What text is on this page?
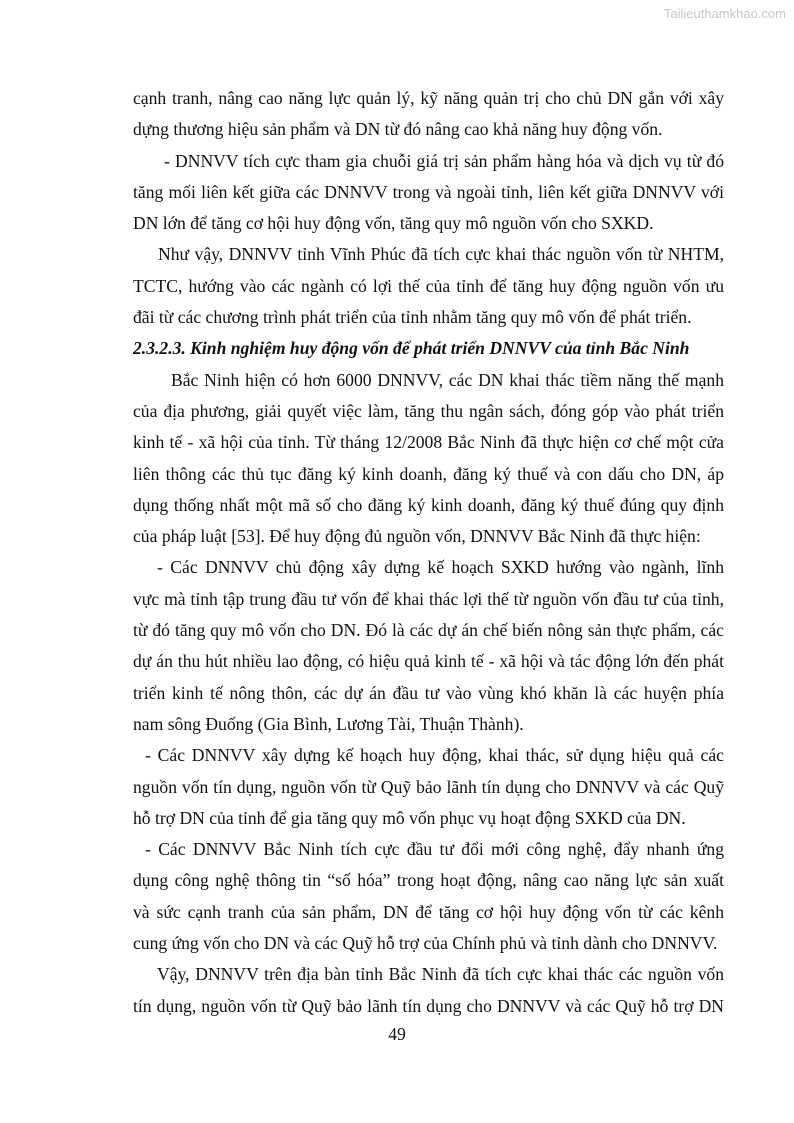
Tailieuthamkhao.com
cạnh tranh, nâng cao năng lực quản lý, kỹ năng quản trị cho chủ DN gắn với xây
dựng thương hiệu sản phẩm và DN từ đó nâng cao khả năng huy động vốn.
- DNNVV tích cực tham gia chuỗi giá trị sản phẩm hàng hóa và dịch vụ từ đó
tăng mối liên kết giữa các DNNVV trong và ngoài tỉnh, liên kết giữa DNNVV với
DN lớn để tăng cơ hội huy động vốn, tăng quy mô nguồn vốn cho SXKD.
Như vậy, DNNVV tỉnh Vĩnh Phúc đã tích cực khai thác nguồn vốn từ NHTM,
TCTC, hướng vào các ngành có lợi thế của tỉnh để tăng huy động nguồn vốn ưu
đãi từ các chương trình phát triển của tỉnh nhằm tăng quy mô vốn để phát triển.
2.3.2.3. Kinh nghiệm huy động vốn để phát triển DNNVV của tỉnh Bắc Ninh
Bắc Ninh hiện có hơn 6000 DNNVV, các DN khai thác tiềm năng thế mạnh
của địa phương, giải quyết việc làm, tăng thu ngân sách, đóng góp vào phát triển
kinh tế - xã hội của tỉnh. Từ tháng 12/2008 Bắc Ninh đã thực hiện cơ chế một cửa
liên thông các thủ tục đăng ký kinh doanh, đăng ký thuế và con dấu cho DN, áp
dụng thống nhất một mã số cho đăng ký kinh doanh, đăng ký thuế đúng quy định
của pháp luật [53]. Để huy động đủ nguồn vốn, DNNVV Bắc Ninh đã thực hiện:
- Các DNNVV chủ động xây dựng kế hoạch SXKD hướng vào ngành, lĩnh
vực mà tỉnh tập trung đầu tư vốn để khai thác lợi thế từ nguồn vốn đầu tư của tỉnh,
từ đó tăng quy mô vốn cho DN. Đó là các dự án chế biến nông sản thực phẩm, các
dự án thu hút nhiều lao động, có hiệu quả kinh tế - xã hội và tác động lớn đến phát
triển kinh tế nông thôn, các dự án đầu tư vào vùng khó khăn là các huyện phía
nam sông Đuống (Gia Bình, Lương Tài, Thuận Thành).
- Các DNNVV xây dựng kế hoạch huy động, khai thác, sử dụng hiệu quả các
nguồn vốn tín dụng, nguồn vốn từ Quỹ bảo lãnh tín dụng cho DNNVV và các Quỹ
hỗ trợ DN của tỉnh để gia tăng quy mô vốn phục vụ hoạt động SXKD của DN.
- Các DNNVV Bắc Ninh tích cực đầu tư đổi mới công nghệ, đẩy nhanh ứng
dụng công nghệ thông tin “số hóa” trong hoạt động, nâng cao năng lực sản xuất
và sức cạnh tranh của sản phẩm, DN để tăng cơ hội huy động vốn từ các kênh
cung ứng vốn cho DN và các Quỹ hỗ trợ của Chính phủ và tỉnh dành cho DNNVV.
Vậy, DNNVV trên địa bàn tỉnh Bắc Ninh đã tích cực khai thác các nguồn vốn
tín dụng, nguồn vốn từ Quỹ bảo lãnh tín dụng cho DNNVV và các Quỹ hỗ trợ DN
49
